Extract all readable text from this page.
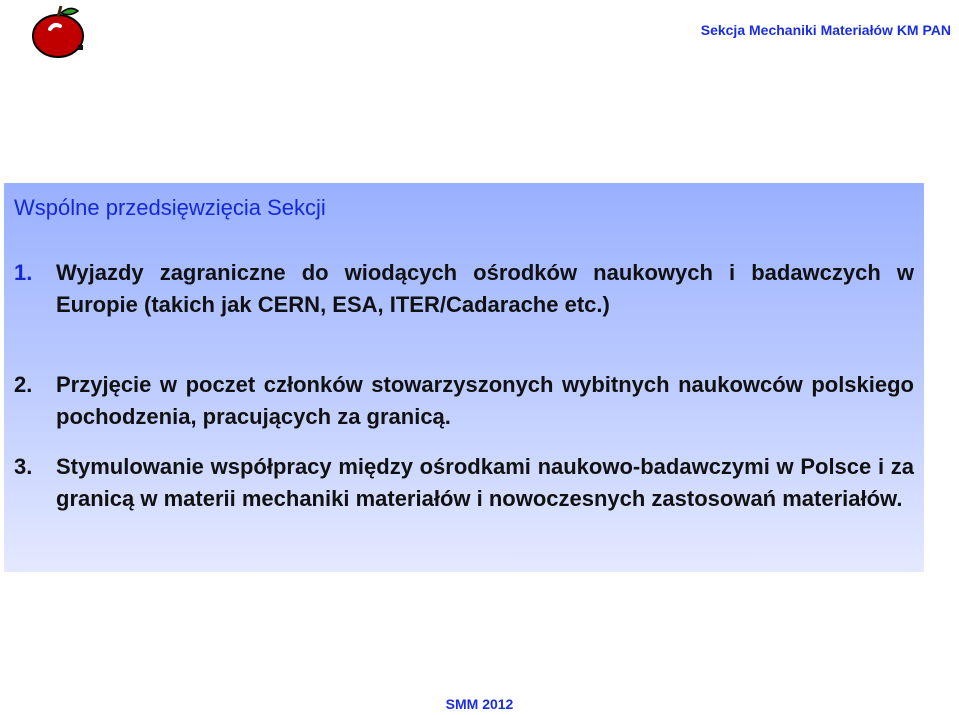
Sekcja Mechaniki Materiałów KM PAN
Wspólne przedsięwzięcia Sekcji
1. Wyjazdy zagraniczne do wiodących ośrodków naukowych i badawczych w Europie (takich jak CERN, ESA, ITER/Cadarache etc.)
2. Przyjęcie w poczet członków stowarzyszonych wybitnych naukowców polskiego pochodzenia, pracujących za granicą.
3. Stymulowanie współpracy między ośrodkami naukowo-badawczymi w Polsce i za granicą w materii mechaniki materiałów i nowoczesnych zastosowań materiałów.
SMM 2012
